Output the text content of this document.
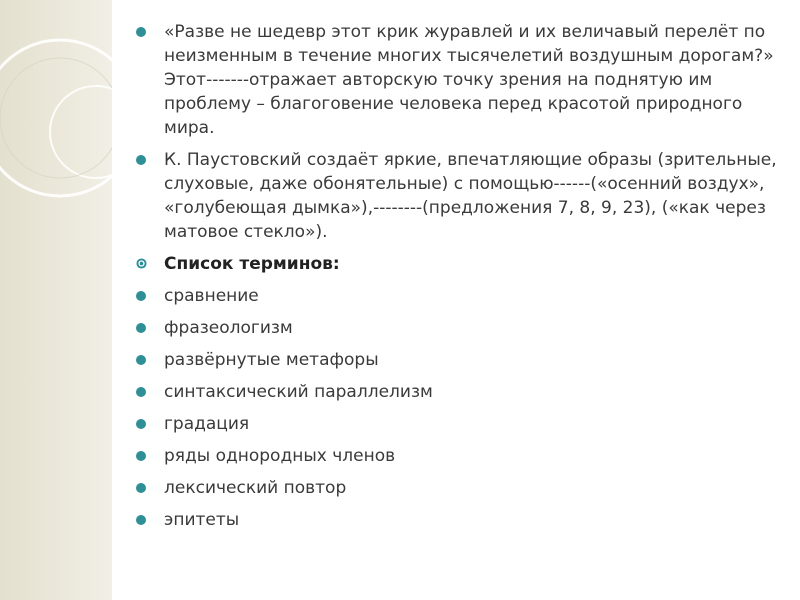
«Разве не шедевр этот крик журавлей и их величавый перелёт по неизменным в течение многих тысячелетий воздушным дорогам?» Этот-------отражает авторскую точку зрения на поднятую им проблему – благоговение человека перед красотой природного мира.
К. Паустовский создаёт яркие, впечатляющие образы (зрительные, слуховые, даже обонятельные) с помощью------(«осенний воздух», «голубеющая дымка»),--------(предложения 7, 8, 9, 23), («как через матовое стекло»).
Список терминов:
сравнение
фразеологизм
развёрнутые метафоры
синтаксический параллелизм
градация
ряды однородных членов
лексический повтор
эпитеты
